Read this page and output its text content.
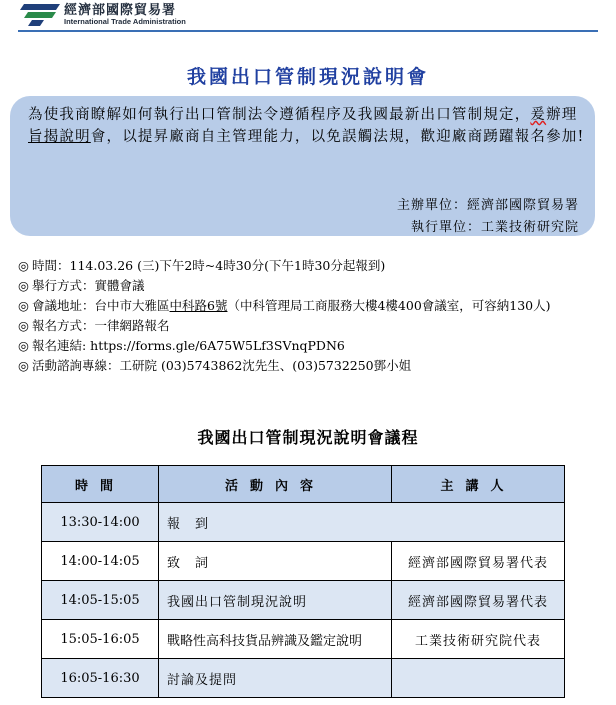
經濟部國際貿易署
International Trade Administration
我國出口管制現況說明會
為使我商瞭解如何執行出口管制法令遵循程序及我國最新出口管制規定，爰辦理旨揭說明會，以提昇廠商自主管理能力，以免誤觸法規，歡迎廠商踴躍報名參加!
主辦單位：經濟部國際貿易署
執行單位：工業技術研究院
◎ 時間：114.03.26 (三)下午2時~4時30分(下午1時30分起報到)
◎ 舉行方式：實體會議
◎ 會議地址：台中市大雅區中科路6號（中科管理局工商服務大樓4樓400會議室，可容納130人)
◎ 報名方式：一律網路報名
◎ 報名連結: https://forms.gle/6A75W5Lf3SVnqPDN6
◎ 活動諮詢專線：工研院 (03)5743862沈先生、(03)5732250鄧小姐
我國出口管制現況說明會議程
時間	活動內容	主講人
13:30-14:00	報　到	
14:00-14:05	致　詞	經濟部國際貿易署代表
14:05-15:05	我國出口管制現況說明	經濟部國際貿易署代表
15:05-16:05	戰略性高科技貨品辨識及鑑定說明	工業技術研究院代表
16:05-16:30	討論及提問	
